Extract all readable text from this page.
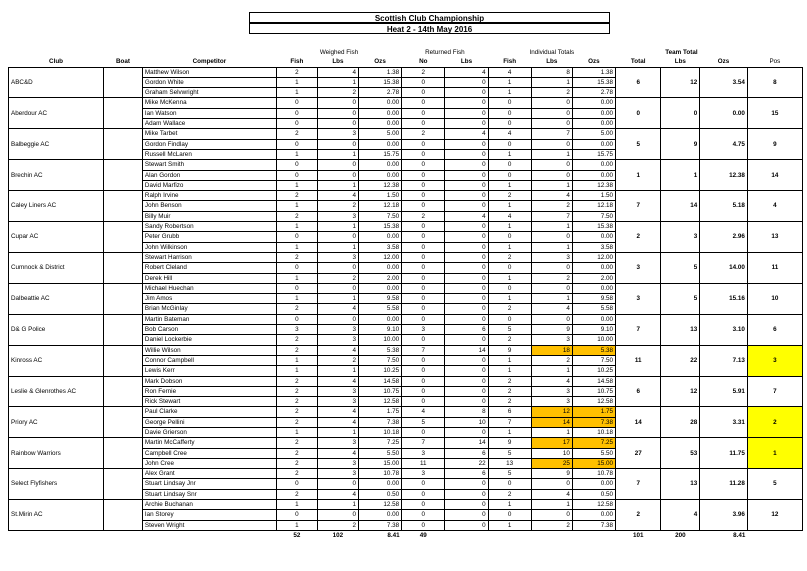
Scottish Club Championship
Heat 2 - 14th May 2016
			Weighed Fish			Returned Fish		Individual Totals			Team Total			
Club	Boat	Competitor	Fish	Lbs	Ozs	No	Lbs	Fish	Lbs	Ozs	Total	Lbs	Ozs	Pos
ABC&D		Matthew Wilson	2	4	1.38	2	4	4	8	1.38	6	12	3.54	8
		Gordon White	1	1	15.38	0	0	1	1	15.38				
		Graham Selvwright	1	2	2.78	0	0	1	2	2.78				
Aberdour AC		Mike McKenna	0	0	0.00	0	0	0	0	0.00	0	0	0.00	15
		Ian Watson	0	0	0.00	0	0	0	0	0.00				
		Adam Wallace	0	0	0.00	0	0	0	0	0.00				
Balbeggie AC		Mike Tarbet	2	3	5.00	2	4	4	7	5.00	5	9	4.75	9
		Gordon Findlay	0	0	0.00	0	0	0	0	0.00				
		Russell McLaren	1	1	15.75	0	0	1	1	15.75				
Brechin AC		Stewart Smith	0	0	0.00	0	0	0	0	0.00	1	1	12.38	14
		Alan Gordon	0	0	0.00	0	0	0	0	0.00				
		David Marfizo	1	1	12.38	0	0	1	1	12.38				
Caley Liners AC		Ralph Irvine	2	4	1.50	0	0	2	4	1.50	7	14	5.18	4
		John Benson	1	2	12.18	0	0	1	2	12.18				
		Billy Muir	2	3	7.50	2	4	4	7	7.50				
Cupar AC		Sandy Robertson	1	1	15.38	0	0	1	1	15.38	2	3	2.96	13
		Peter Grubb	0	0	0.00	0	0	0	0	0.00				
		John Wilkinson	1	1	3.58	0	0	1	1	3.58				
Cumnock & District		Stewart Harrison	2	3	12.00	0	0	2	3	12.00	3	5	14.00	11
		Robert Cleland	0	0	0.00	0	0	0	0	0.00				
		Derek Hill	1	2	2.00	0	0	1	2	2.00				
Dalbeattie AC		Michael Huechan	0	0	0.00	0	0	0	0	0.00	3	5	15.16	10
		Jim Amos	1	1	9.58	0	0	1	1	9.58				
		Brian McGinlay	2	4	5.58	0	0	2	4	5.58				
D& G Police		Martin Bateman	0	0	0.00	0	0	0	0	0.00	7	13	3.10	6
		Bob Carson	3	3	9.10	3	6	5	9	9.10				
		Daniel Lockerbie	2	3	10.00	0	0	2	3	10.00				
Kinross AC		Willie Wilson	2	4	5.38	7	14	9	18	5.38	11	22	7.13	3
		Connor Campbell	1	2	7.50	0	0	1	2	7.50				
		Lewis Kerr	1	1	10.25	0	0	1	1	10.25				
Leslie & Glenrothes AC		Mark Dobson	2	4	14.58	0	0	2	4	14.58	6	12	5.91	7
		Ron Fernie	2	3	10.75	0	0	2	3	10.75				
		Rick Stewart	2	3	12.58	0	0	2	3	12.58				
Priory AC		Paul Clarke	2	4	1.75	4	8	6	12	1.75	14	28	3.31	2
		George Pellini	2	4	7.38	5	10	7	14	7.38				
		Davie Grierson	1	1	10.18	0	0	1	1	10.18				
Rainbow Warriors		Martin McCafferty	2	3	7.25	7	14	9	17	7.25	27	53	11.75	1
		Campbell Cree	2	4	5.50	3	6	5	10	5.50				
		John Cree	2	3	15.00	11	22	13	25	15.00				
Select Flyfishers		Alex Grant	2	3	10.78	3	6	5	9	10.78	7	13	11.28	5
		Stuart Lindsay Jnr	0	0	0.00	0	0	0	0	0.00				
		Stuart Lindsay Snr	2	4	0.50	0	0	2	4	0.50				
St.Mirin AC		Archie Buchanan	1	1	12.58	0	0	1	1	12.58	2	4	3.96	12
		Ian Storey	0	0	0.00	0	0	0	0	0.00				
		Steven Wright	1	2	7.38	0	0	1	2	7.38				
			52	102	8.41	49					101	200	8.41	
